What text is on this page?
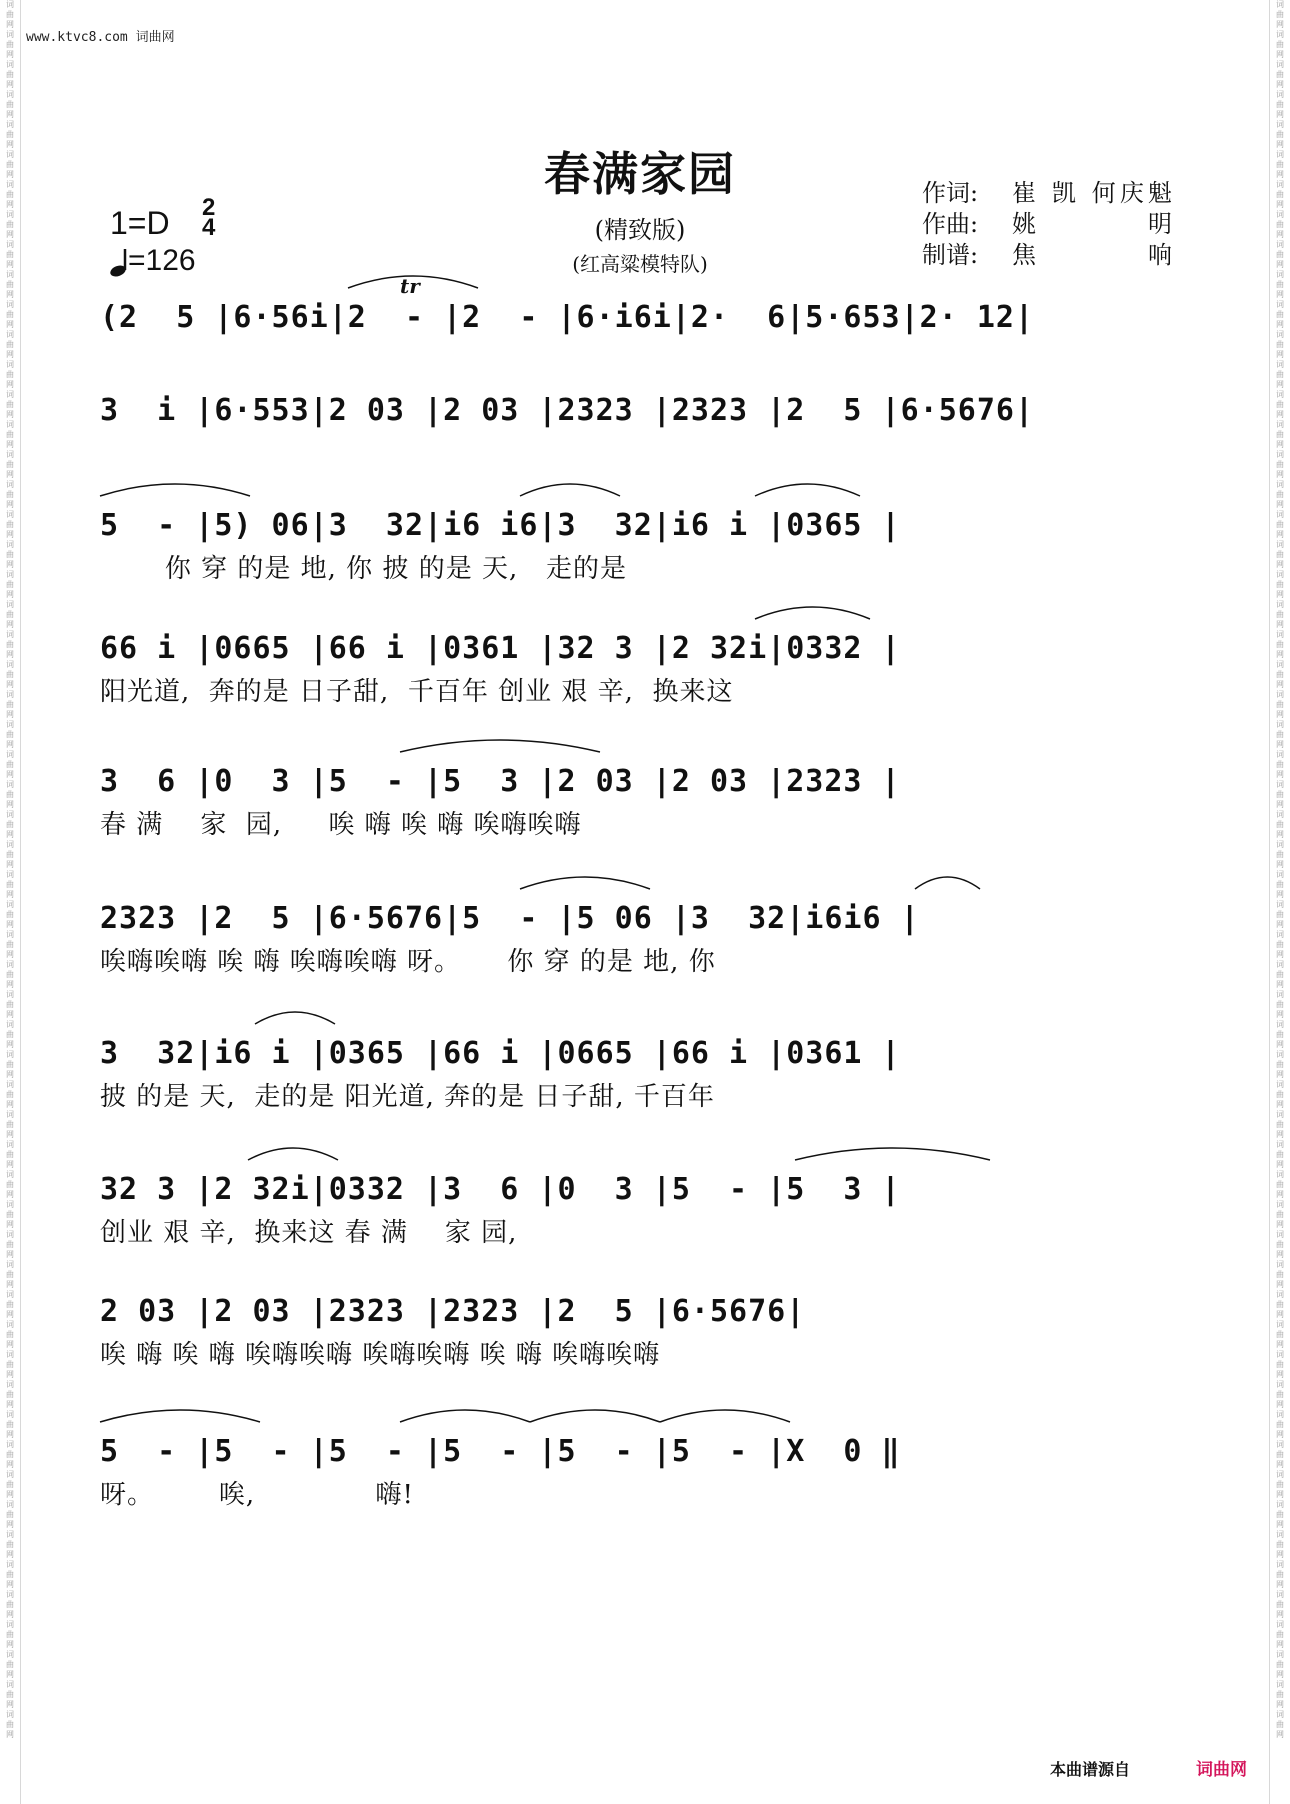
词
曲
网
词
曲
网
词
曲
网
词
曲
网
词
曲
网
词
曲
网
词
曲
网
词
曲
网
词
曲
网
词
曲
网
词
曲
网
词
曲
网
词
曲
网
词
曲
网
词
曲
网
词
曲
网
词
曲
网
词
曲
网
词
曲
网
词
曲
网
词
曲
网
词
曲
网
词
曲
网
词
曲
网
词
曲
网
词
曲
网
词
曲
网
词
曲
网
词
曲
网
词
曲
网
词
曲
网
词
曲
网
词
曲
网
词
曲
网
词
曲
网
词
曲
网
词
曲
网
词
曲
网
词
曲
网
词
曲
网
词
曲
网
词
曲
网
词
曲
网
词
曲
网
词
曲
网
词
曲
网
词
曲
网
词
曲
网
词
曲
网
词
曲
网
词
曲
网
词
曲
网
词
曲
网
词
曲
网
词
曲
网
词
曲
网
词
曲
网
词
曲
网
词
曲
网
词
曲
网
词
曲
网
词
曲
网
词
曲
网
词
曲
网
词
曲
网
词
曲
网
词
曲
网
词
曲
网
词
曲
网
词
曲
网
词
曲
网
词
曲
网
词
曲
网
词
曲
网
词
曲
网
词
曲
网
词
曲
网
词
曲
网
词
曲
网
词
曲
网
词
曲
网
词
曲
网
词
曲
网
词
曲
网
词
曲
网
词
曲
网
词
曲
网
词
曲
网
词
曲
网
词
曲
网
词
曲
网
词
曲
网
词
曲
网
词
曲
网
词
曲
网
词
曲
网
词
曲
网
词
曲
网
词
曲
网
词
曲
网
词
曲
网
词
曲
网
词
曲
网
词
曲
网
词
曲
网
词
曲
网
词
曲
网
词
曲
网
词
曲
网
词
曲
网
词
曲
网
词
曲
网
词
曲
网
词
曲
网
词
曲
网
词
曲
网
www.ktvc8.com 词曲网
春满家园
(精致版)
(红高粱模特队)
作词:	崔 凯 何庆魁
作曲:	姚 明
制谱:	焦 响
1=D 2
4
=126
(2  5 |6·56i|2  - |2  - |6·i6i|2·  6|5·653|2· 12|
tr
3  i |6·553|2 03 |2 03 |2323 |2323 |2  5 |6·5676|
5  - |5) 06|3  32|i6 i6|3  32|i6 i |0365 |
你 穿 的是 地, 你 披 的是 天,   走的是
66 i |0665 |66 i |0361 |32 3 |2 32i|0332 |
阳光道,  奔的是 日子甜,  千百年 创业 艰 辛,  换来这
3  6 |0  3 |5  - |5  3 |2 03 |2 03 |2323 |
春 满    家  园,     唉 嗨 唉 嗨 唉嗨唉嗨
2323 |2  5 |6·5676|5  - |5 06 |3  32|i6i6 |
唉嗨唉嗨 唉 嗨 唉嗨唉嗨 呀。     你 穿 的是 地, 你
3  32|i6 i |0365 |66 i |0665 |66 i |0361 |
披 的是 天,  走的是 阳光道, 奔的是 日子甜, 千百年
32 3 |2 32i|0332 |3  6 |0  3 |5  - |5  3 |
创业 艰 辛,  换来这 春 满    家 园,
2 03 |2 03 |2323 |2323 |2  5 |6·5676|
唉 嗨 唉 嗨 唉嗨唉嗨 唉嗨唉嗨 唉 嗨 唉嗨唉嗨
5  - |5  - |5  - |5  - |5  - |5  - |X  0 ‖
呀。       唉,             嗨!
本曲谱源自	词曲网
